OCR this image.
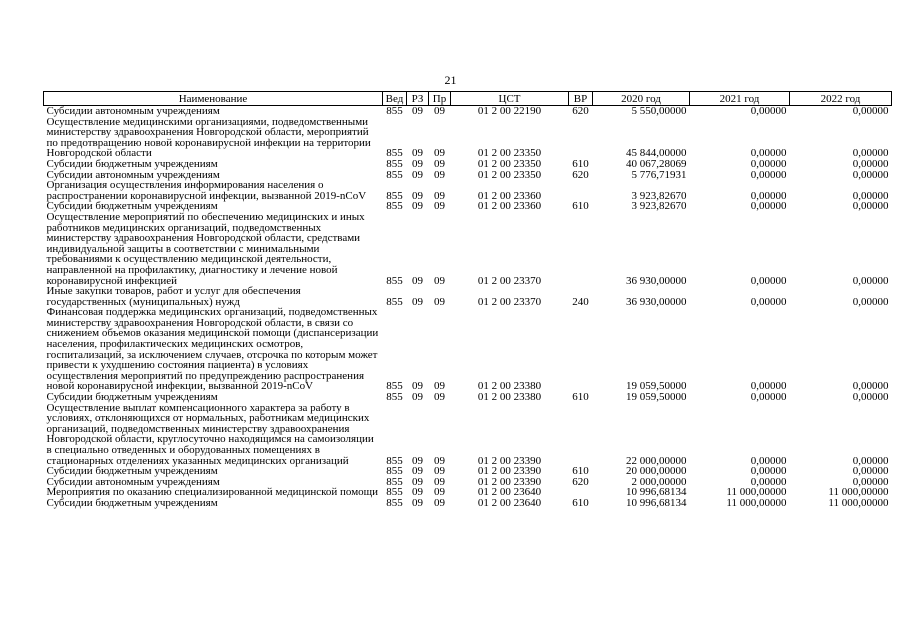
21
Наименование	Вед	РЗ	Пр	ЦСТ	ВР	2020 год	2021 год	2022 год
Субсидии автономным учреждениям	855	09	09	01 2 00 22190	620	5 550,00000	0,00000	0,00000
Осуществление медицинскими организациями, подведомственными министерству здравоохранения Новгородской области, мероприятий по предотвращению новой коронавирусной инфекции на территории Новгородской области	855	09	09	01 2 00 23350		45 844,00000	0,00000	0,00000
Субсидии бюджетным учреждениям	855	09	09	01 2 00 23350	610	40 067,28069	0,00000	0,00000
Субсидии автономным учреждениям	855	09	09	01 2 00 23350	620	5 776,71931	0,00000	0,00000
Организация осуществления информирования населения о распространении коронавирусной инфекции, вызванной 2019-nCoV	855	09	09	01 2 00 23360		3 923,82670	0,00000	0,00000
Субсидии бюджетным учреждениям	855	09	09	01 2 00 23360	610	3 923,82670	0,00000	0,00000
Осуществление мероприятий по обеспечению медицинских и иных работников медицинских организаций, подведомственных министерству здравоохранения Новгородской области, средствами индивидуальной защиты в соответствии с минимальными требованиями к осуществлению медицинской деятельности, направленной на профилактику, диагностику и лечение новой коронавирусной инфекцией	855	09	09	01 2 00 23370		36 930,00000	0,00000	0,00000
Иные закупки товаров, работ и услуг для обеспечения государственных (муниципальных) нужд	855	09	09	01 2 00 23370	240	36 930,00000	0,00000	0,00000
Финансовая поддержка медицинских организаций, подведомственных министерству здравоохранения Новгородской области, в связи со снижением объемов оказания медицинской помощи (диспансеризации населения, профилактических медицинских осмотров, госпитализаций, за исключением случаев, отсрочка по которым может привести к ухудшению состояния пациента) в условиях осуществления мероприятий по предупреждению распространения новой коронавирусной инфекции, вызванной 2019-nCoV	855	09	09	01 2 00 23380		19 059,50000	0,00000	0,00000
Субсидии бюджетным учреждениям	855	09	09	01 2 00 23380	610	19 059,50000	0,00000	0,00000
Осуществление выплат компенсационного характера за работу в условиях, отклоняющихся от нормальных, работникам медицинских организаций, подведомственных министерству здравоохранения Новгородской области, круглосуточно находящимся на самоизоляции в специально отведенных и оборудованных помещениях в стационарных отделениях указанных медицинских организаций	855	09	09	01 2 00 23390		22 000,00000	0,00000	0,00000
Субсидии бюджетным учреждениям	855	09	09	01 2 00 23390	610	20 000,00000	0,00000	0,00000
Субсидии автономным учреждениям	855	09	09	01 2 00 23390	620	2 000,00000	0,00000	0,00000
Мероприятия по оказанию специализированной медицинской помощи	855	09	09	01 2 00 23640		10 996,68134	11 000,00000	11 000,00000
Субсидии бюджетным учреждениям	855	09	09	01 2 00 23640	610	10 996,68134	11 000,00000	11 000,00000
